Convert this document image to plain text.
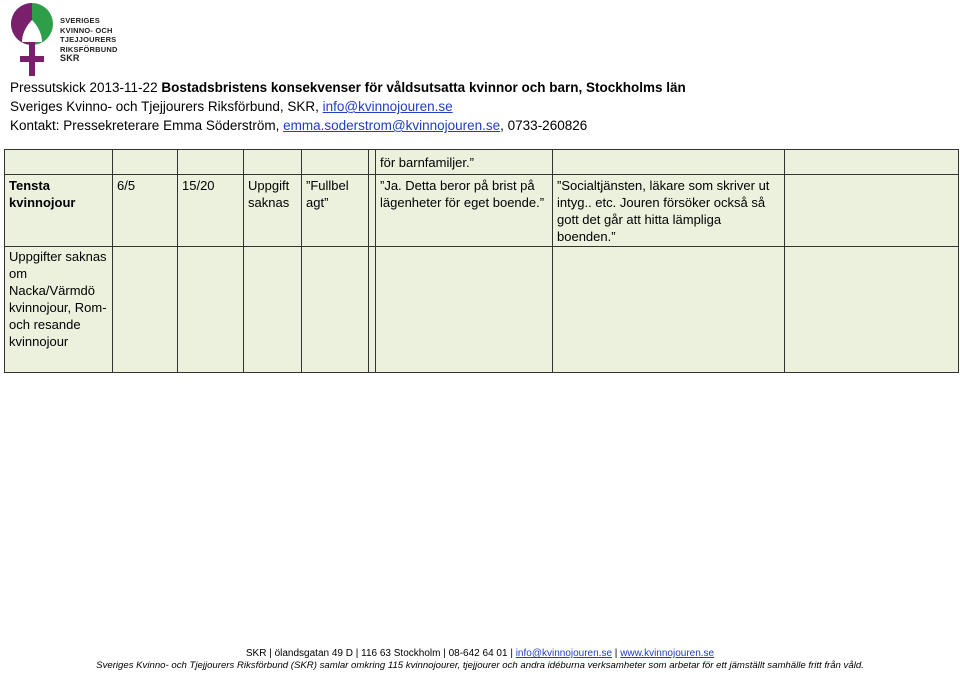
SVERIGES
KVINNO- OCH TJEJJOURERS
RIKSFÖRBUND
SKR
Pressutskick 2013-11-22 Bostadsbristens konsekvenser för våldsutsatta kvinnor och barn, Stockholms län
Sveriges Kvinno- och Tjejjourers Riksförbund, SKR, info@kvinnojouren.se
Kontakt: Pressekreterare Emma Söderström, emma.soderstrom@kvinnojouren.se, 0733-260826
						för barnfamiljer.”		
Tensta kvinnojour	6/5	15/20	Uppgift saknas	”Fullbel agt”		”Ja. Detta beror på brist på lägenheter för eget boende.”	”Socialtjänsten, läkare som skriver ut intyg.. etc. Jouren försöker också så gott det går att hitta lämpliga boenden.”	
Uppgifter saknas om Nacka/Värmdö kvinnojour, Rom- och resande kvinnojour								
SKR | ölandsgatan 49 D | 116 63 Stockholm | 08-642 64 01 | info@kvinnojouren.se | www.kvinnojouren.se
Sveriges Kvinno- och Tjejjourers Riksförbund (SKR) samlar omkring 115 kvinnojourer, tjejjourer och andra idéburna verksamheter som arbetar för ett jämställt samhälle fritt från våld.
